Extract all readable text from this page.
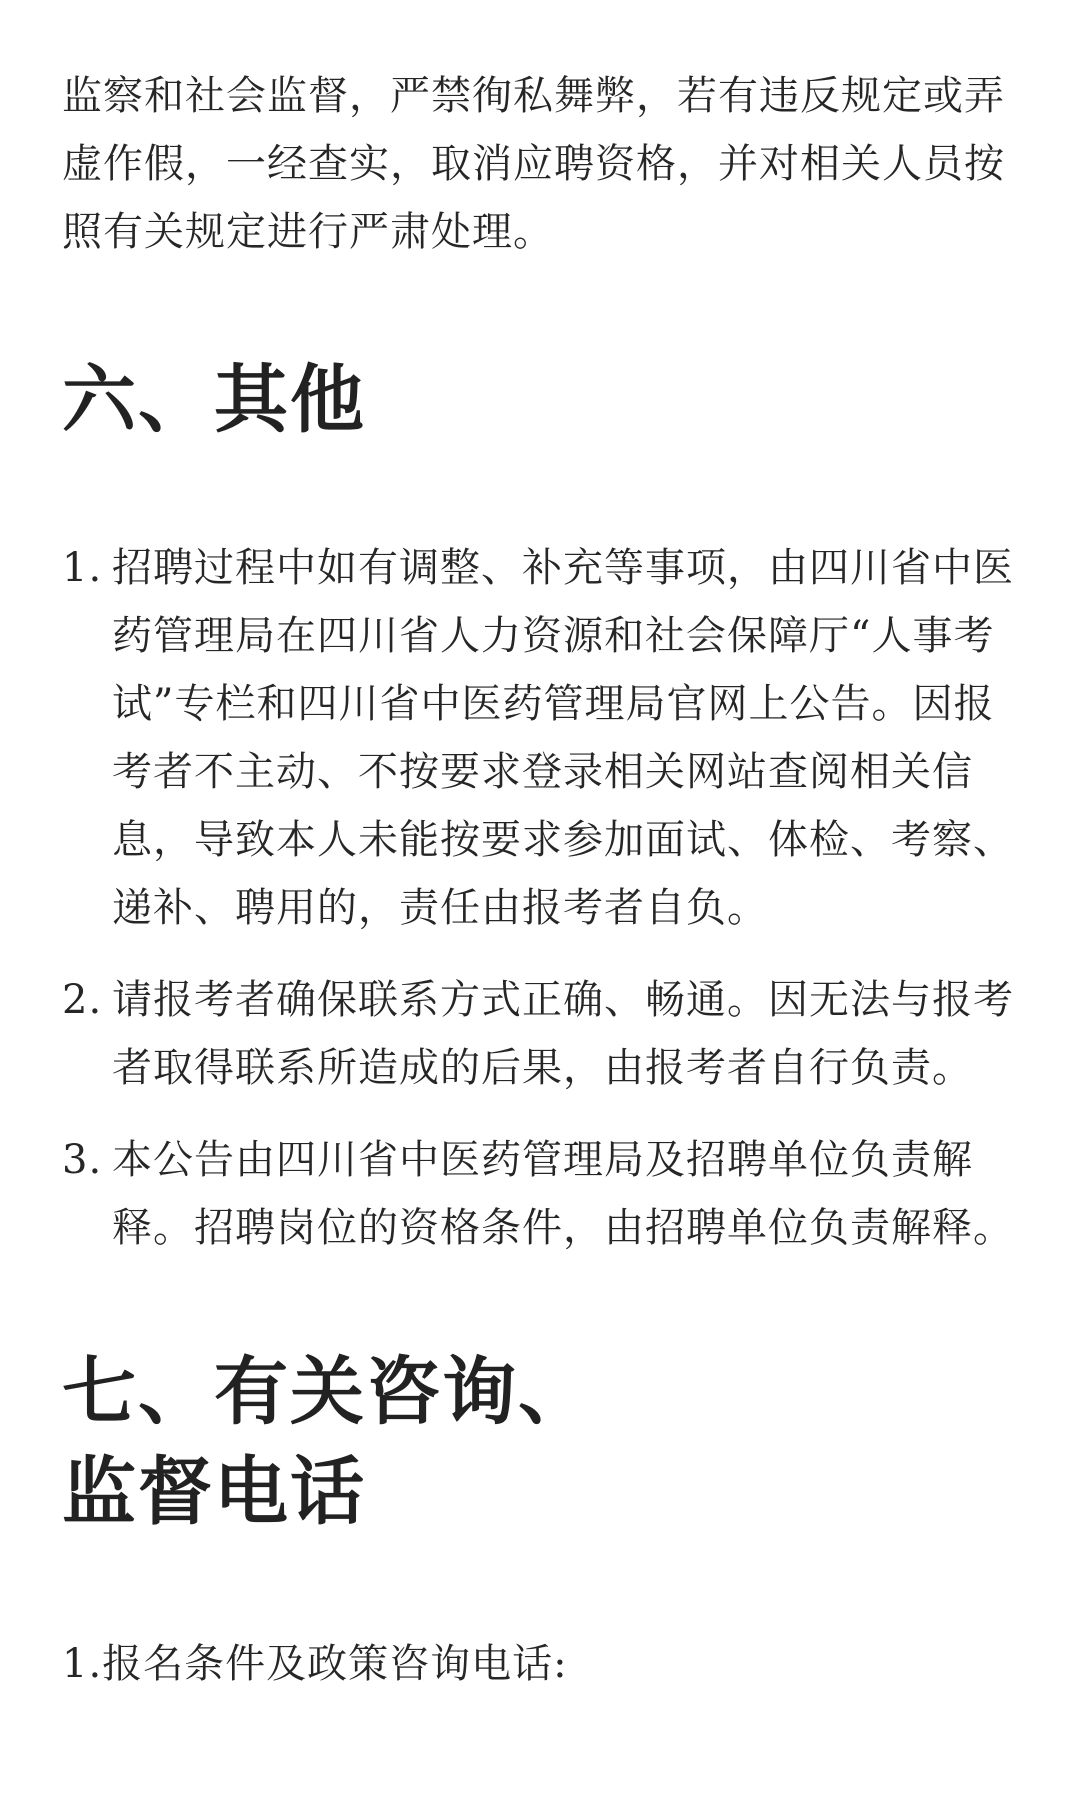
监察和社会监督，严禁徇私舞弊，若有违反规定或弄
虚作假，一经查实，取消应聘资格，并对相关人员按
照有关规定进行严肃处理。

六、其他
1. 招聘过程中如有调整、补充等事项，由四川省中医
药管理局在四川省人力资源和社会保障厅“人事考
试”专栏和四川省中医药管理局官网上公告。因报
考者不主动、不按要求登录相关网站查阅相关信
息，导致本人未能按要求参加面试、体检、考察、
递补、聘用的，责任由报考者自负。
2. 请报考者确保联系方式正确、畅通。因无法与报考
者取得联系所造成的后果，由报考者自行负责。
3. 本公告由四川省中医药管理局及招聘单位负责解
释。招聘岗位的资格条件，由招聘单位负责解释。
七、有关咨询、
监督电话

1.报名条件及政策咨询电话:
